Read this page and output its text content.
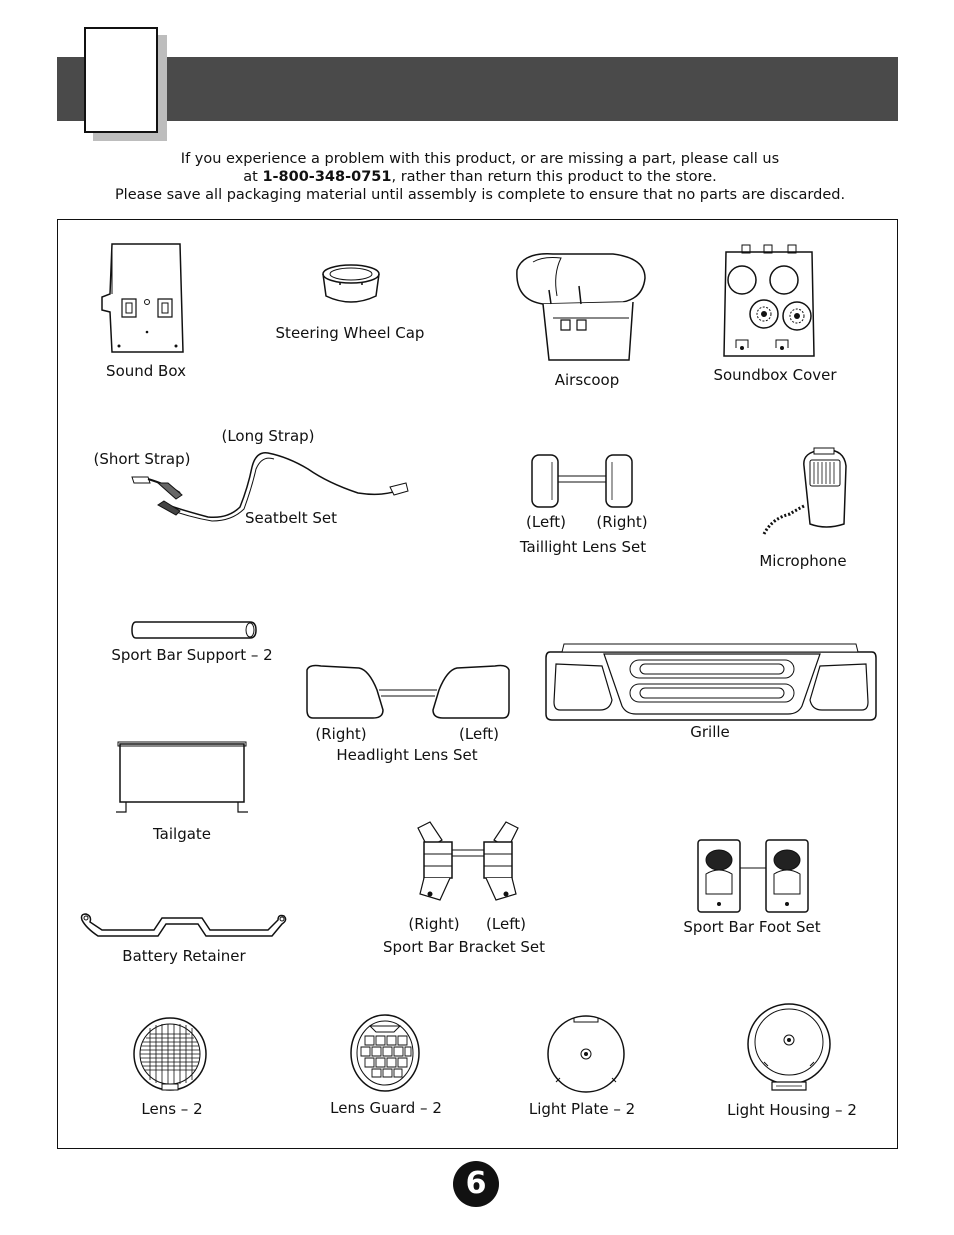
If you experience a problem with this product, or are missing a part, please call us

at 1-800-348-0751, rather than return this product to the store.

Please save all packaging material until assembly is complete to ensure that no parts are discarded.

Sound Box
Steering Wheel Cap
Airscoop	Soundbox Cover
(Long Strap)
(Short Strap)
Seatbelt Set	(Left) (Right)
Taillight Lens Set
Microphone
Sport Bar Support – 2
(Right)	(Left)
Headlight Lens Set
Grille
Tailgate
(Right) (Left)
Sport Bar Bracket Set
Sport Bar Foot Set
Battery Retainer
Lens – 2	Lens Guard – 2	Light Plate – 2	Light Housing – 2
6
